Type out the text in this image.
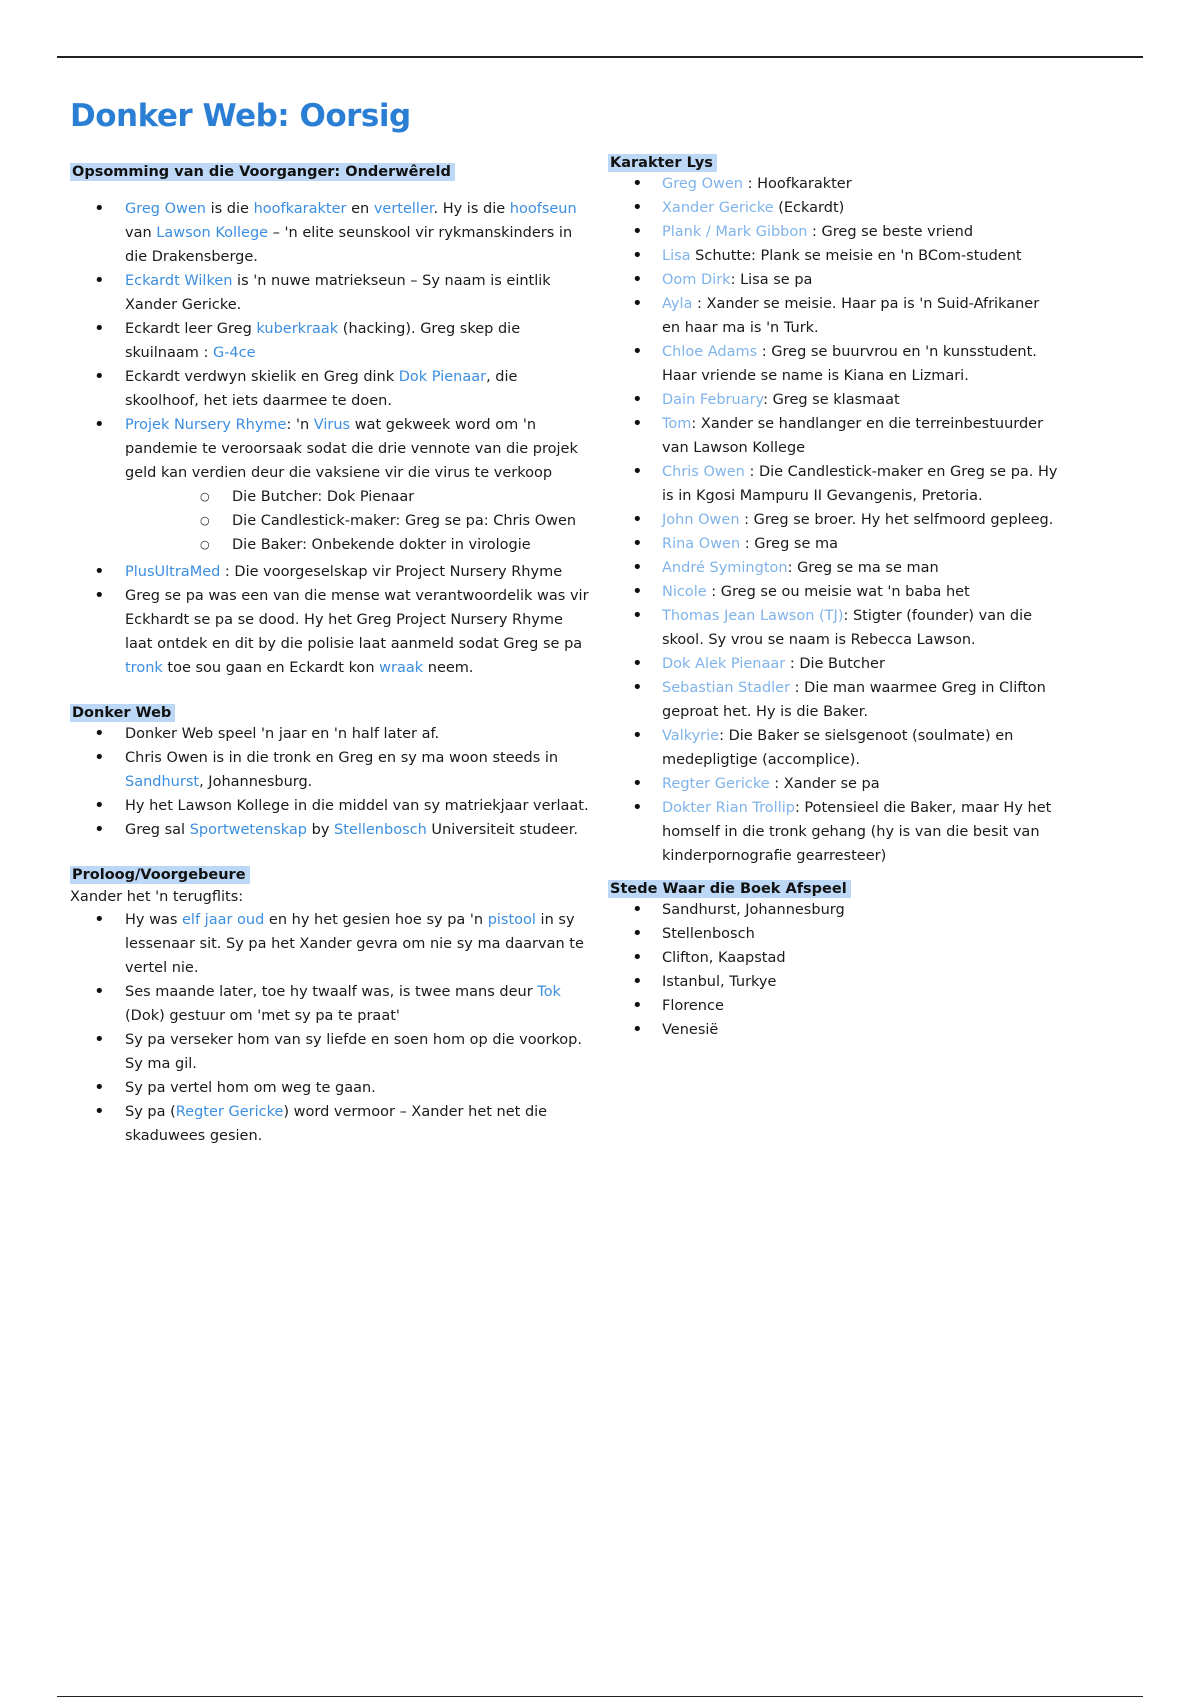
Donker Web: Oorsig
Opsomming van die Voorganger: Onderwêreld
• Greg Owen is die hoofkarakter en verteller. Hy is die hoofseun van Lawson Kollege – 'n elite seunskool vir rykmanskinders in die Drakensberge.
• Eckardt Wilken is 'n nuwe matriekseun – Sy naam is eintlik Xander Gericke.
• Eckardt leer Greg kuberkraak (hacking). Greg skep die skuilnaam : G-4ce
• Eckardt verdwyn skielik en Greg dink Dok Pienaar, die skoolhoof, het iets daarmee te doen.
• Projek Nursery Rhyme: 'n Virus wat gekweek word om 'n pandemie te veroorsaak sodat die drie vennote van die projek geld kan verdien deur die vaksiene vir die virus te verkoop
○ Die Butcher: Dok Pienaar
○ Die Candlestick-maker: Greg se pa: Chris Owen
○ Die Baker: Onbekende dokter in virologie
• PlusUltraMed : Die voorgeselskap vir Project Nursery Rhyme
• Greg se pa was een van die mense wat verantwoordelik was vir Eckhardt se pa se dood. Hy het Greg Project Nursery Rhyme laat ontdek en dit by die polisie laat aanmeld sodat Greg se pa tronk toe sou gaan en Eckardt kon wraak neem.
Donker Web
• Donker Web speel 'n jaar en 'n half later af.
• Chris Owen is in die tronk en Greg en sy ma woon steeds in Sandhurst, Johannesburg.
• Hy het Lawson Kollege in die middel van sy matriekjaar verlaat.
• Greg sal Sportwetenskap by Stellenbosch Universiteit studeer.
Proloog/Voorgebeure
Xander het 'n terugflits:
• Hy was elf jaar oud en hy het gesien hoe sy pa 'n pistool in sy lessenaar sit. Sy pa het Xander gevra om nie sy ma daarvan te vertel nie.
• Ses maande later, toe hy twaalf was, is twee mans deur Tok (Dok) gestuur om 'met sy pa te praat'
• Sy pa verseker hom van sy liefde en soen hom op die voorkop. Sy ma gil.
• Sy pa vertel hom om weg te gaan.
• Sy pa (Regter Gericke) word vermoor – Xander het net die skaduwees gesien.
Karakter Lys
• Greg Owen : Hoofkarakter
• Xander Gericke (Eckardt)
• Plank / Mark Gibbon : Greg se beste vriend
• Lisa Schutte: Plank se meisie en 'n BCom-student
• Oom Dirk: Lisa se pa
• Ayla : Xander se meisie. Haar pa is 'n Suid-Afrikaner en haar ma is 'n Turk.
• Chloe Adams : Greg se buurvrou en 'n kunsstudent. Haar vriende se name is Kiana en Lizmari.
• Dain February: Greg se klasmaat
• Tom: Xander se handlanger en die terreinbestuurder van Lawson Kollege
• Chris Owen : Die Candlestick-maker en Greg se pa. Hy is in Kgosi Mampuru II Gevangenis, Pretoria.
• John Owen : Greg se broer. Hy het selfmoord gepleeg.
• Rina Owen : Greg se ma
• André Symington: Greg se ma se man
• Nicole : Greg se ou meisie wat 'n baba het
• Thomas Jean Lawson (TJ): Stigter (founder) van die skool. Sy vrou se naam is Rebecca Lawson.
• Dok Alek Pienaar : Die Butcher
• Sebastian Stadler : Die man waarmee Greg in Clifton geproat het. Hy is die Baker.
• Valkyrie: Die Baker se sielsgenoot (soulmate) en medepligtige (accomplice).
• Regter Gericke : Xander se pa
• Dokter Rian Trollip: Potensieel die Baker, maar Hy het homself in die tronk gehang (hy is van die besit van kinderpornografie gearresteer)
Stede Waar die Boek Afspeel
• Sandhurst, Johannesburg
• Stellenbosch
• Clifton, Kaapstad
• Istanbul, Turkye
• Florence
• Venesië
